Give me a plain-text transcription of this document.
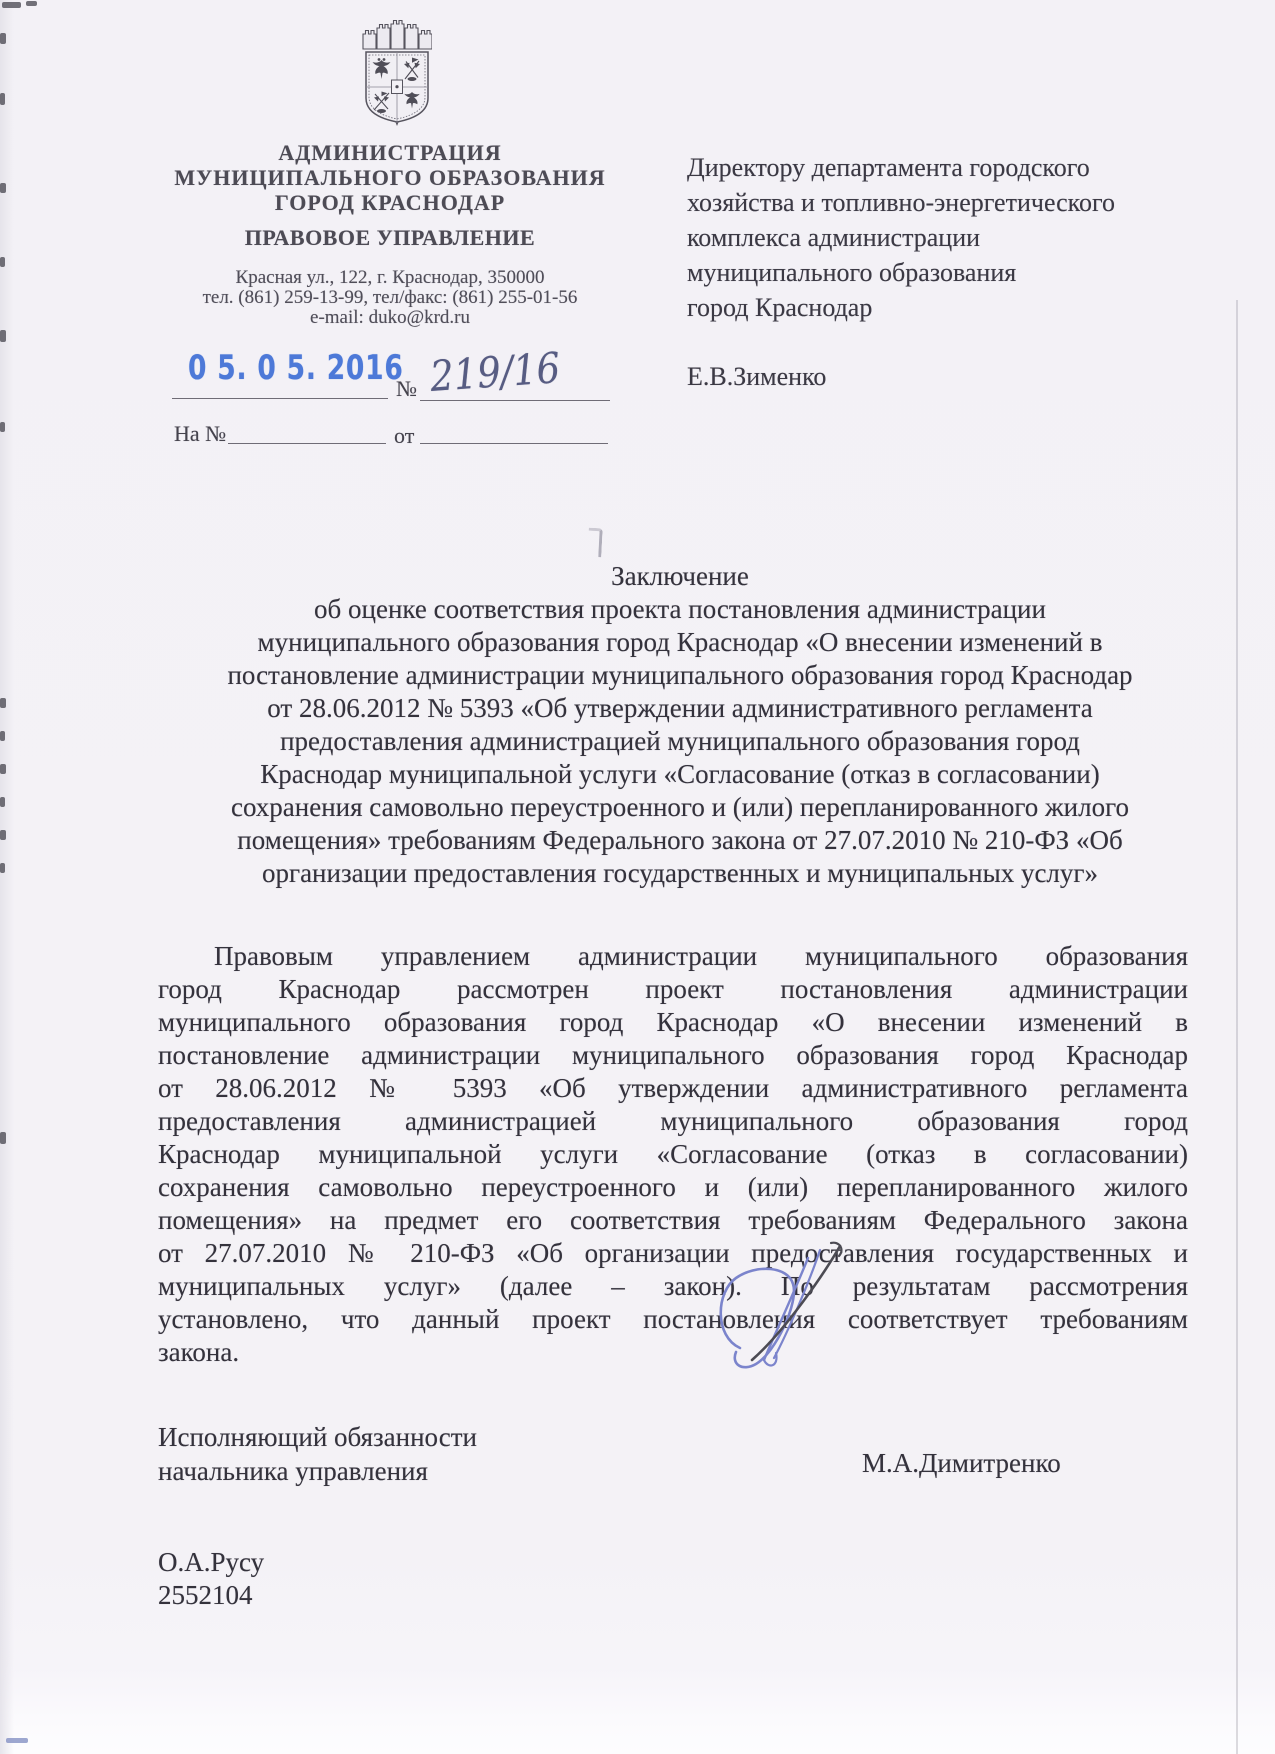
АДМИНИСТРАЦИЯ
МУНИЦИПАЛЬНОГО ОБРАЗОВАНИЯ
ГОРОД КРАСНОДАР
ПРАВОВОЕ УПРАВЛЕНИЕ
Красная ул., 122, г. Краснодар, 350000
тел. (861) 259-13-99, тел/факс: (861) 255-01-56
e-mail: duko@krd.ru
0 5. 0 5. 2016
№ 219/16
На №	от
Директору департамента городского
хозяйства и топливно-энергетического
комплекса администрации
муниципального образования
город Краснодар
Е.В.Зименко
Заключение
об оценке соответствия проекта постановления администрации
муниципального образования город Краснодар «О внесении изменений в
постановление администрации муниципального образования город Краснодар
от 28.06.2012 № 5393 «Об утверждении административного регламента
предоставления администрацией муниципального образования город
Краснодар муниципальной услуги «Согласование (отказ в согласовании)
сохранения самовольно переустроенного и (или) перепланированного жилого
помещения» требованиям Федерального закона от 27.07.2010 № 210-ФЗ «Об
организации предоставления государственных и муниципальных услуг»
Правовым управлением администрации муниципального образования
город Краснодар рассмотрен проект постановления администрации
муниципального образования город Краснодар «О внесении изменений в
постановление администрации муниципального образования город Краснодар
от 28.06.2012 № 5393 «Об утверждении административного регламента
предоставления администрацией муниципального образования город
Краснодар муниципальной услуги «Согласование (отказ в согласовании)
сохранения самовольно переустроенного и (или) перепланированного жилого
помещения» на предмет его соответствия требованиям Федерального закона
от 27.07.2010 № 210-ФЗ «Об организации предоставления государственных и
муниципальных услуг» (далее – закон). По результатам рассмотрения
установлено, что данный проект постановления соответствует требованиям
закона.
Исполняющий обязанности
начальника управления	М.А.Димитренко
О.А.Русу
2552104
